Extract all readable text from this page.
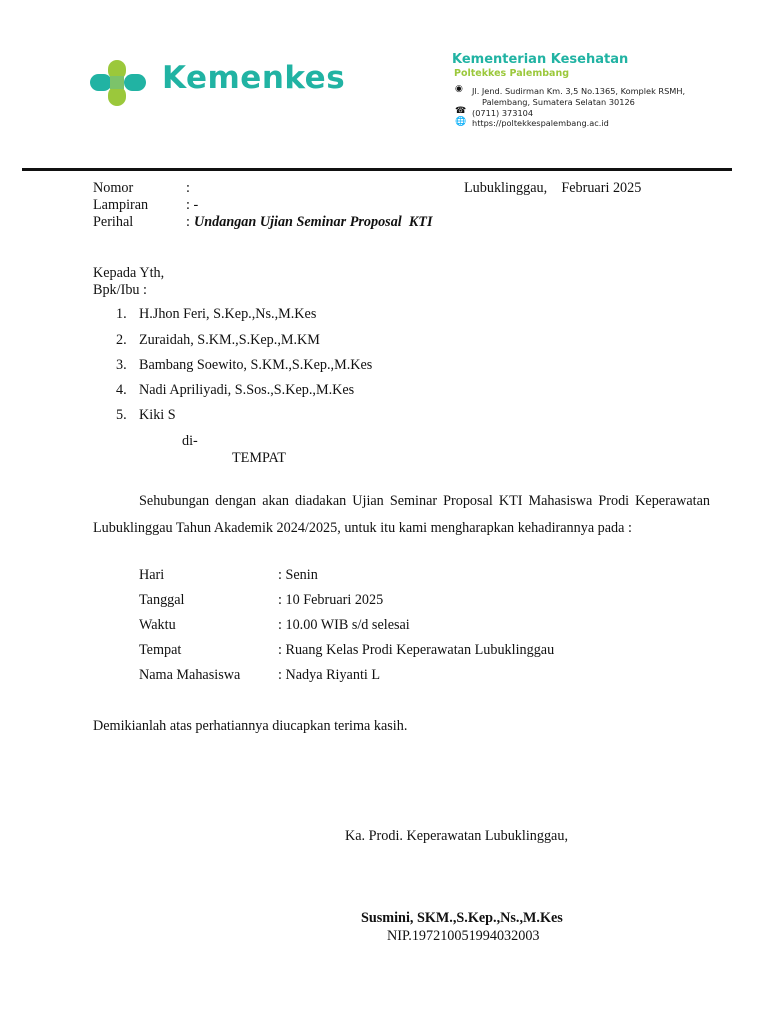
Kemenkes
Kementerian Kesehatan
Poltekkes Palembang
◉ Jl. Jend. Sudirman Km. 3,5 No.1365, Komplek RSMH,
Palembang, Sumatera Selatan 30126
☎ (0711) 373104
🌐 https://poltekkespalembang.ac.id
Nomor	:	Lubuklinggau,    Februari 2025
Lampiran	: -
Perihal	: Undangan Ujian Seminar Proposal  KTI
Kepada Yth,
Bpk/Ibu :
1. H.Jhon Feri, S.Kep.,Ns.,M.Kes
2. Zuraidah, S.KM.,S.Kep.,M.KM
3. Bambang Soewito, S.KM.,S.Kep.,M.Kes
4. Nadi Apriliyadi, S.Sos.,S.Kep.,M.Kes
5. Kiki S
di-
TEMPAT
Sehubungan dengan akan diadakan Ujian Seminar Proposal KTI Mahasiswa Prodi Keperawatan Lubuklinggau Tahun Akademik 2024/2025, untuk itu kami mengharapkan kehadirannya pada :
Hari	: Senin
Tanggal	: 10 Februari 2025
Waktu	: 10.00 WIB s/d selesai
Tempat	: Ruang Kelas Prodi Keperawatan Lubuklinggau
Nama Mahasiswa	: Nadya Riyanti L
Demikianlah atas perhatiannya diucapkan terima kasih.
Ka. Prodi. Keperawatan Lubuklinggau,
Susmini, SKM.,S.Kep.,Ns.,M.Kes
NIP.197210051994032003
